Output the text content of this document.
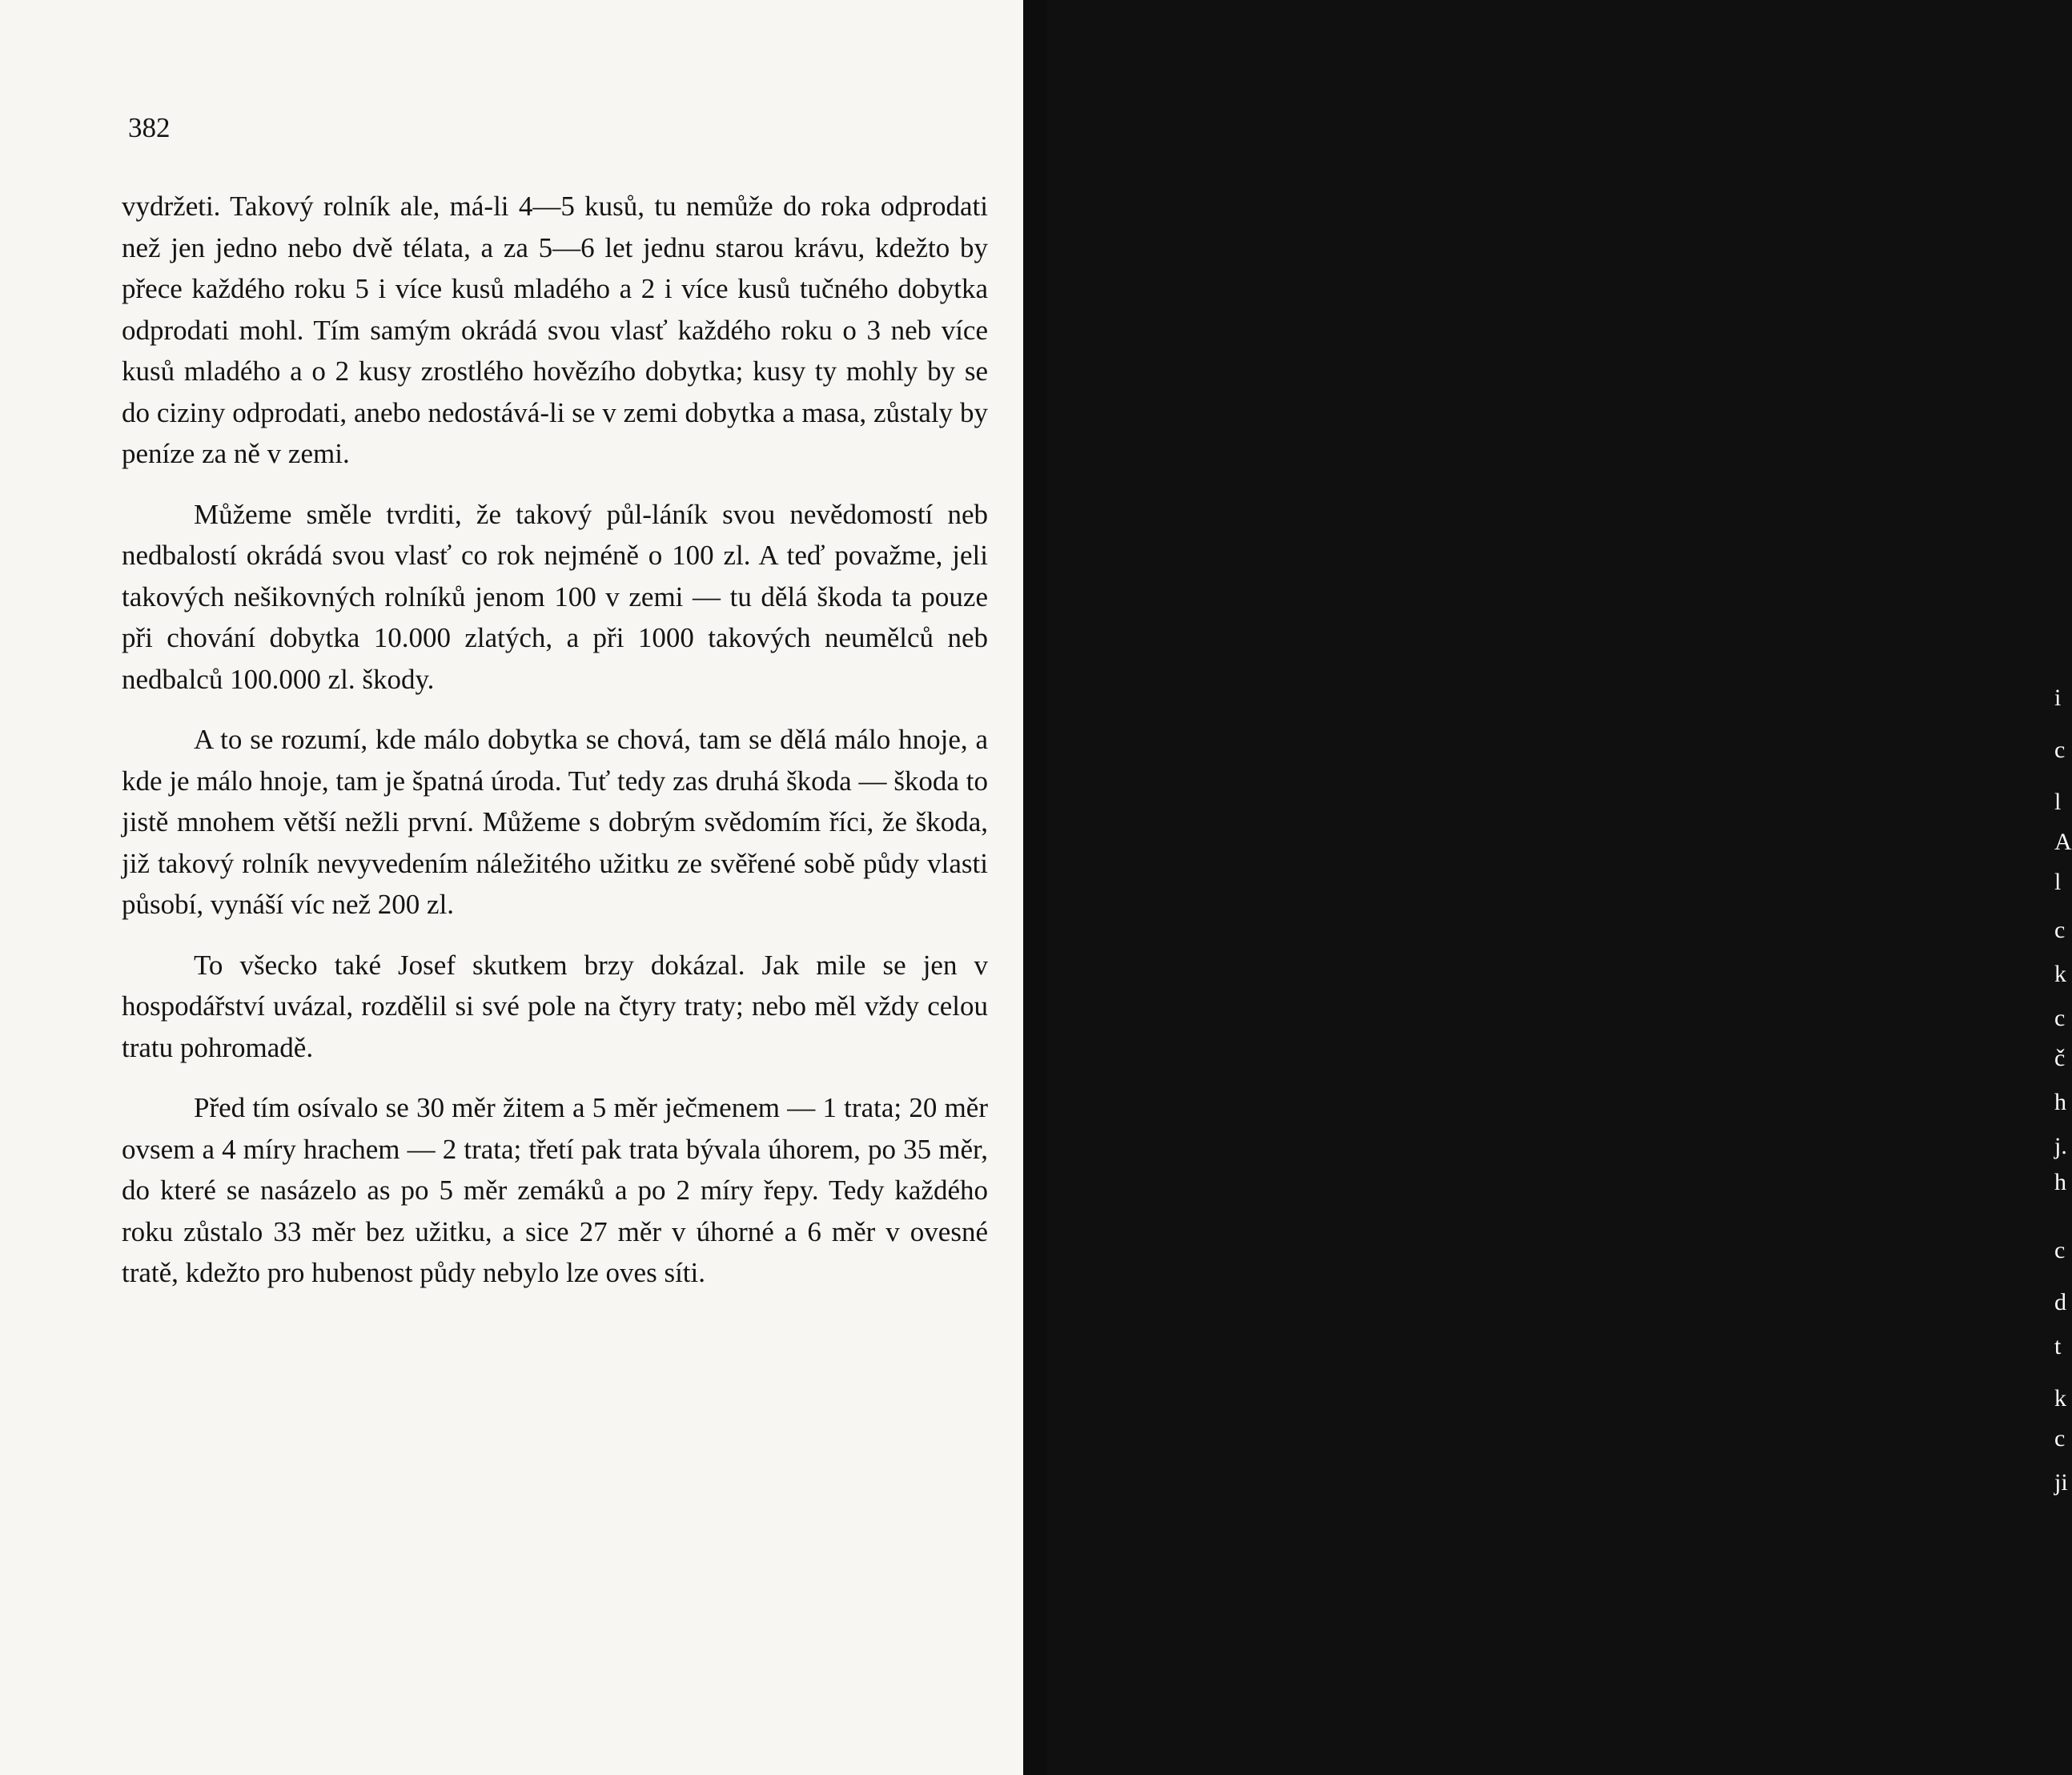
382

vydržeti. Takový rolník ale, má-li 4—5 kusů, tu nemůže do roka odprodati než jen jedno nebo dvě télata, a za 5—6 let jednu starou krávu, kdežto by přece každého roku 5 i více kusů mladého a 2 i více kusů tučného dobytka odprodati mohl. Tím samým okrádá svou vlasť každého roku o 3 neb více kusů mladého a o 2 kusy zrostlého hovězího dobytka; kusy ty mohly by se do ciziny odprodati, anebo nedostává-li se v zemi dobytka a masa, zůstaly by peníze za ně v zemi.

Můžeme směle tvrditi, že takový půl-láník svou nevědomostí neb nedbalostí okrádá svou vlasť co rok nejméně o 100 zl. A teď považme, jeli takových nešikovných rolníků jenom 100 v zemi — tu dělá škoda ta pouze při chování dobytka 10.000 zlatých, a při 1000 takových neumělců neb nedbalců 100.000 zl. škody.

A to se rozumí, kde málo dobytka se chová, tam se dělá málo hnoje, a kde je málo hnoje, tam je špatná úroda. Tuť tedy zas druhá škoda — škoda to jistě mnohem větší nežli první. Můžeme s dobrým svědomím říci, že škoda, již takový rolník nevyvedením náležitého užitku ze svěřené sobě půdy vlasti působí, vynáší víc než 200 zl.

To všecko také Josef skutkem brzy dokázal. Jak mile se jen v hospodářství uvázal, rozdělil si své pole na čtyry traty; nebo měl vždy celou tratu pohromadě.

Před tím osívalo se 30 měr žitem a 5 měr ječmenem — 1 trata; 20 měr ovsem a 4 míry hrachem — 2 trata; třetí pak trata bývala úhorem, po 35 měr, do které se nasázelo as po 5 měr zemáků a po 2 míry řepy. Tedy každého roku zůstalo 33 měr bez užitku, a sice 27 měr v úhorné a 6 měr v ovesné tratě, kdežto pro hubenost půdy nebylo lze oves síti.

i

c

l

A

l

c

k

c

č

h

j.

h

c

d

t

k

c

ji
